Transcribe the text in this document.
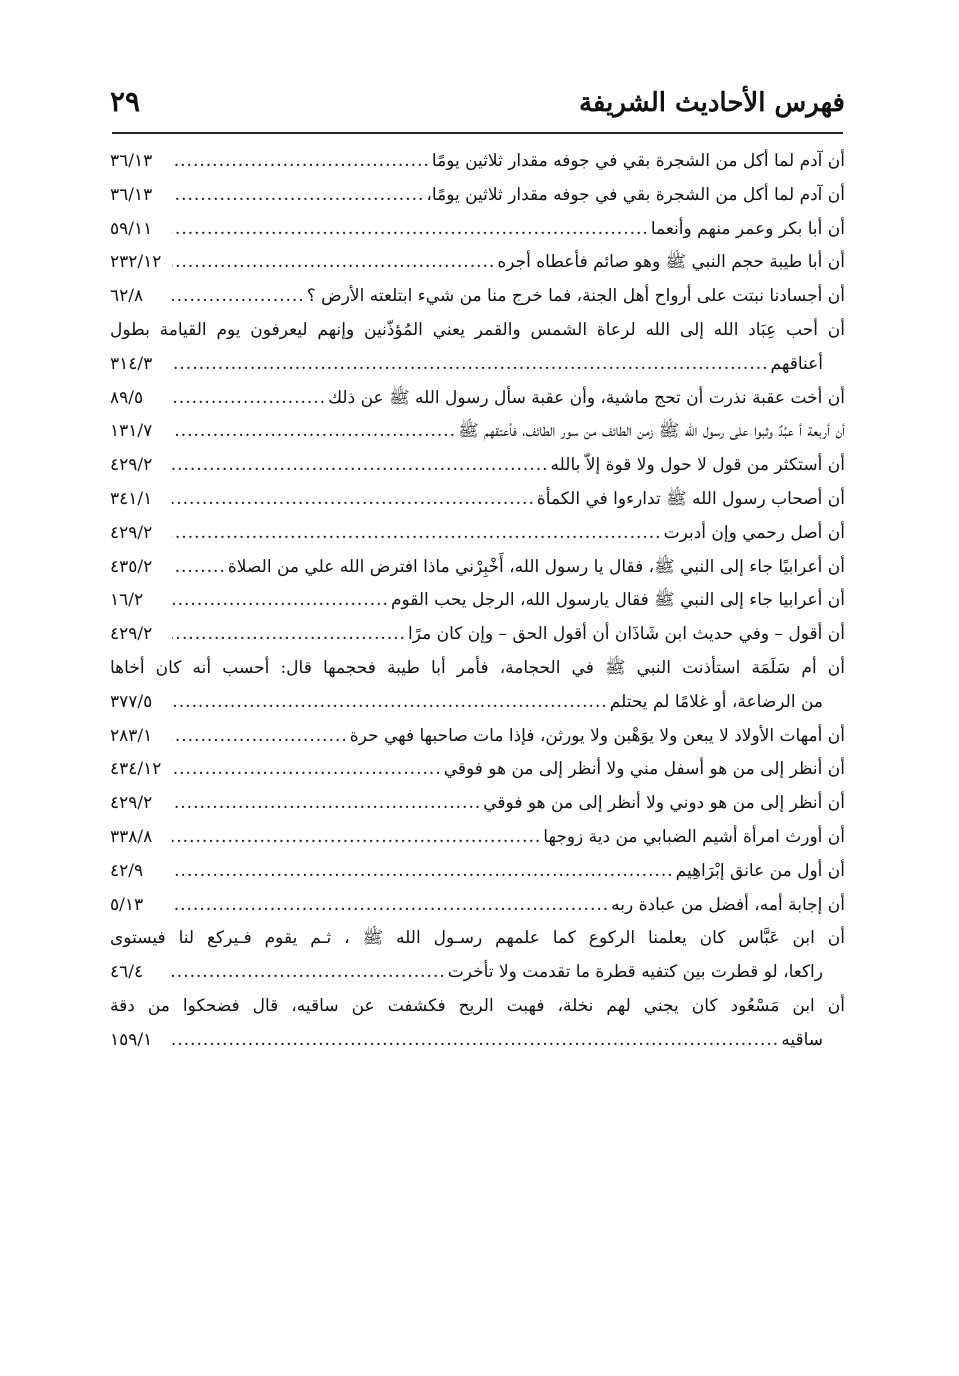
فهرس الأحاديث الشريفة
٢٩
أن آدم لما أكل من الشجرة بقي في جوفه مقدار ثلاثين يومًا
.....
٣٦/١٣
أن آدم لما أكل من الشجرة بقي في جوفه مقدار ثلاثين يومًا،
.....
٣٦/١٣
أن أبا بكر وعمر منهم وأنعما
.....
٥٩/١١
أن أبا طيبة حجم النبي ﷺ وهو صائم فأعطاه أجره
.....
٢٣٢/١٢
أن أجسادنا نبتت على أرواح أهل الجنة، فما خرج منا من شيء ابتلعته الأرض ؟
.....
٦٢/٨
أن أحب عِبَاد الله إلى الله لرعاة الشمس والقمر يعني المُؤذّنين وإنهم ليعرفون يوم القيامة بطول
أعناقهم
.....
٣١٤/٣
أن أخت عقبة نذرت أن تحج ماشية، وأن عقبة سأل رسول الله ﷺ عن ذلك
.....
٨٩/٥
أن أربعة أ عبُدٌ وثبوا على رسول الله ﷺ زمن الطائف من سور الطائف، فأعتقهم ﷺ
.....
١٣١/٧
أن أستكثر من قول لا حول ولا قوة إلاّ بالله
.....
٤٢٩/٢
أن أصحاب رسول الله ﷺ تدارءوا في الكمأة
.....
٣٤١/١
أن أصل رحمي وإن أدبرت
.....
٤٢٩/٢
أن أعرابيًا جاء إلى النبي ﷺ، فقال يا رسول الله، أَخْبِرْني ماذا افترض الله علي من الصلاة
.....
٤٣٥/٢
أن أعرابيا جاء إلى النبي ﷺ فقال يارسول الله، الرجل يحب القوم
.....
١٦/٢
أن أقول – وفي حديث ابن شَاذَان أن أقول الحق – وإن كان مرًا
.....
٤٢٩/٢
أن أم سَلَمَة استأذنت النبي ﷺ في الحجامة، فأمر أبا طيبة فحجمها قال: أحسب أنه كان أخاها
من الرضاعة، أو غلامًا لم يحتلم
.....
٣٧٧/٥
أن أمهات الأولاد لا يبعن ولا يوَهْبن ولا يورثن، فإذا مات صاحبها فهي حرة
.....
٢٨٣/١
أن أنظر إلى من هو أسفل مني ولا أنظر إلى من هو فوقي
.....
٤٣٤/١٢
أن أنظر إلى من هو دوني ولا أنظر إلى من هو فوقي
.....
٤٢٩/٢
أن أورث امرأة أشيم الضبابي من دية زوجها
.....
٣٣٨/٨
أن أول من عانق إبْرَاهِيم
.....
٤٢/٩
أن إجابة أمه، أفضل من عبادة ربه
.....
٥/١٣
أن ابن عَبَّاس كان يعلمنا الركوع كما علمهم رسـول الله ﷺ ، ثـم يقوم فـيركع لنا فيستوى
راكعا، لو قطرت بين كتفيه قطرة ما تقدمت ولا تأخرت
.....
٤٦/٤
أن ابن مَسْعُود كان يجني لهم نخلة، فهبت الريح فكشفت عن ساقيه، قال فضحكوا من دقة
ساقيه
.....
١٥٩/١
